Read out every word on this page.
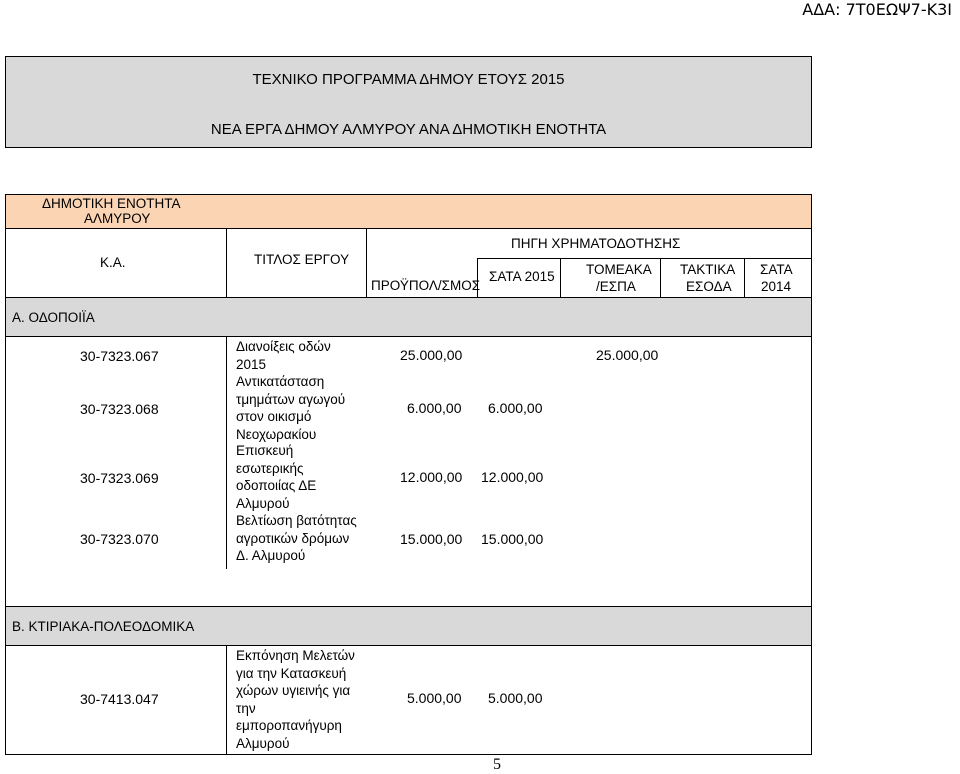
ΑΔΑ: 7Τ0ΕΩΨ7-Κ3Ι
ΤΕΧΝΙΚΟ ΠΡΟΓΡΑΜΜΑ ΔΗΜΟΥ ΕΤΟΥΣ 2015
ΝΕΑ ΕΡΓΑ ΔΗΜΟΥ ΑΛΜΥΡΟΥ ΑΝΑ ΔΗΜΟΤΙΚΗ ΕΝΟΤΗΤΑ
ΔΗΜΟΤΙΚΗ ΕΝΟΤΗΤΑ
ΑΛΜΥΡΟΥ
Κ.Α.	ΤΙΤΛΟΣ ΕΡΓΟΥ
ΠΡΟΫΠΟΛ/ΣΜΟΣ
ΠΗΓΗ ΧΡΗΜΑΤΟΔΟΤΗΣΗΣ
ΣΑΤΑ 2015 ΤΟΜΕΑΚΑ
/ΕΣΠΑ
ΤΑΚΤΙΚΑ
ΕΣΟΔΑ
ΣΑΤΑ
2014
Α. ΟΔΟΠΟΙΪΑ
30-7323.067
Διανοίξεις οδών
2015
25.000,00	25.000,00
30-7323.068
Αντικατάσταση
τμημάτων αγωγού
στον οικισμό
Νεοχωρακίου
6.000,00 6.000,00
30-7323.069
Επισκευή
εσωτερικής
οδοποιίας ΔΕ
Αλμυρού
12.000,00 12.000,00
30-7323.070
Βελτίωση βατότητας
αγροτικών δρόμων
Δ. Αλμυρού
15.000,00 15.000,00
Β. ΚΤΙΡΙΑΚΑ-ΠΟΛΕΟΔΟΜΙΚΑ
30-7413.047
Εκπόνηση Μελετών
για την Κατασκευή
χώρων υγιεινής για
την
εμποροπανήγυρη
Αλμυρού
5.000,00 5.000,00
5
